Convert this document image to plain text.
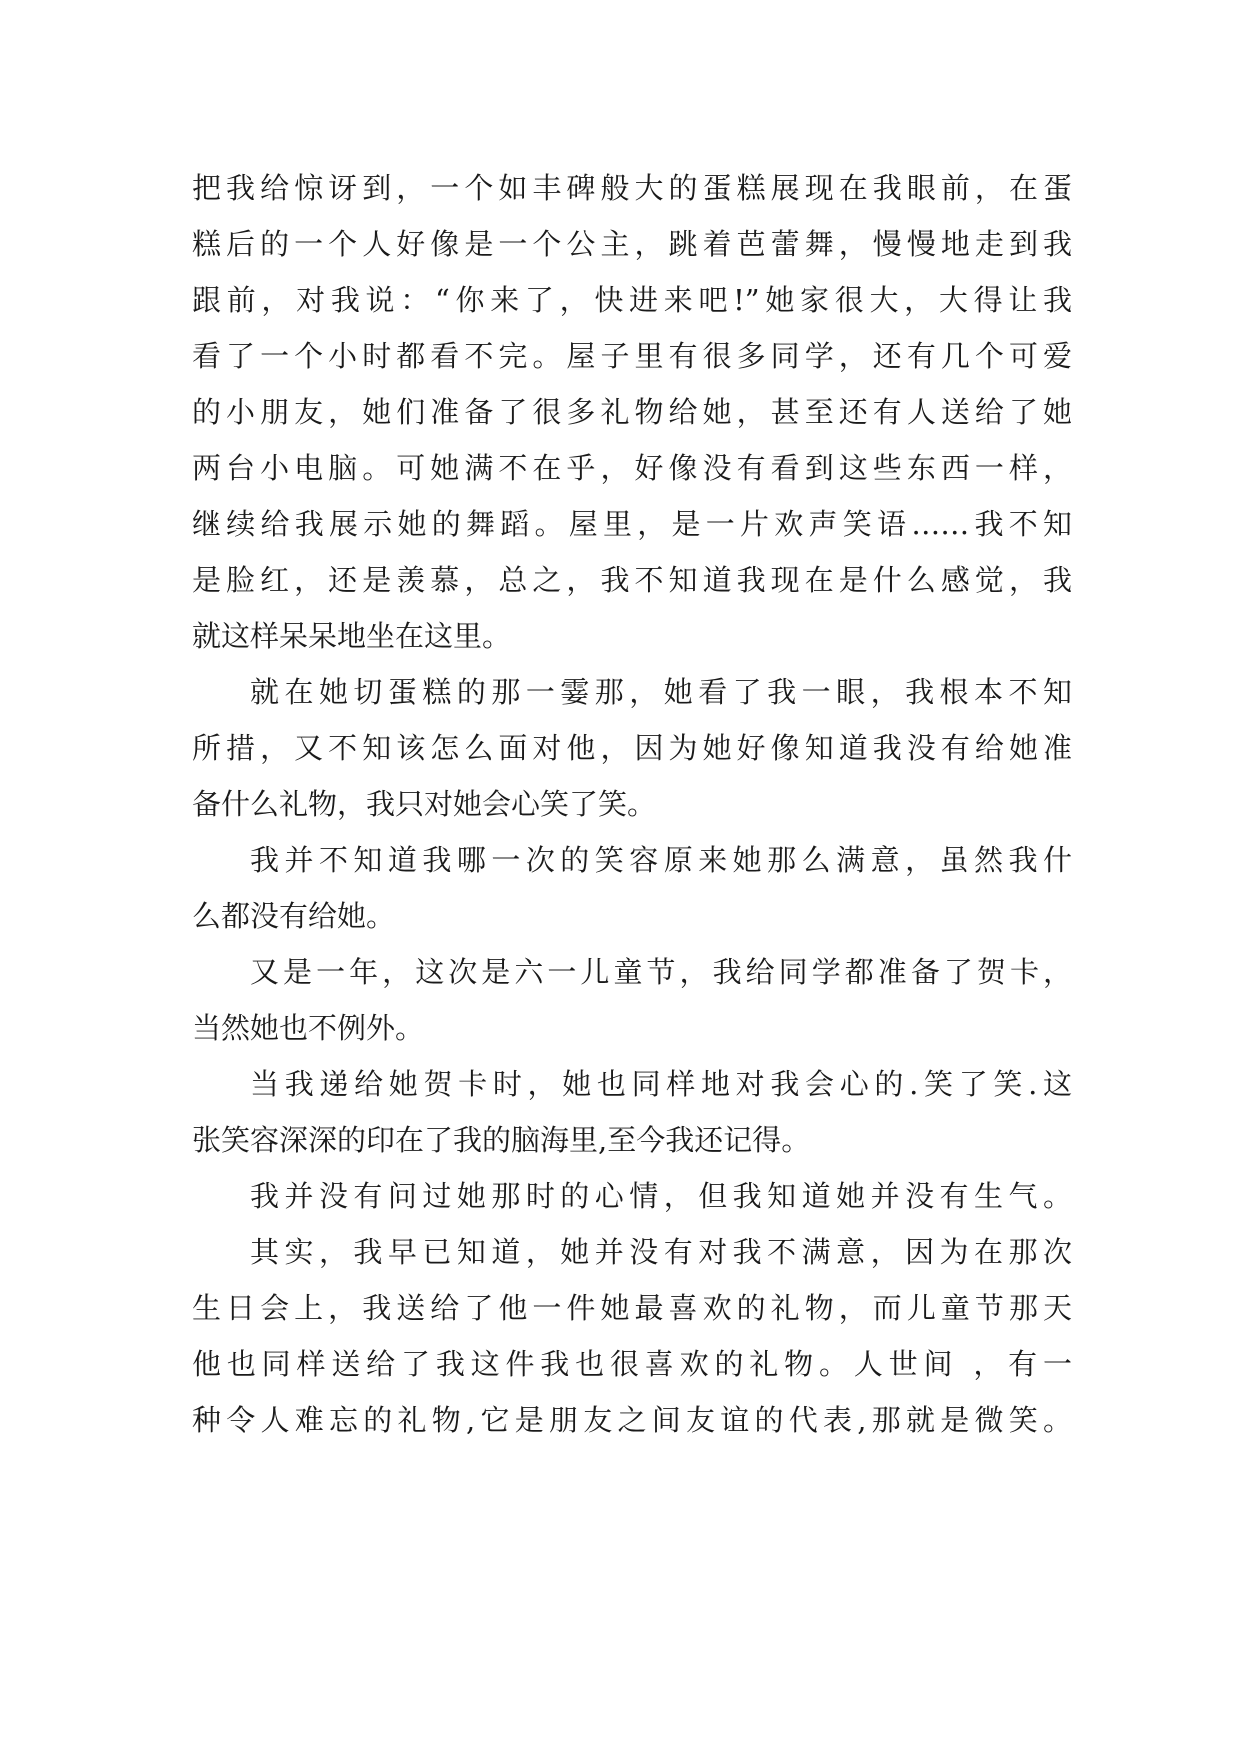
把我给惊讶到，一个如丰碑般大的蛋糕展现在我眼前，在蛋
糕后的一个人好像是一个公主，跳着芭蕾舞，慢慢地走到我
跟前，对我说：“你来了，快进来吧!”她家很大，大得让我
看了一个小时都看不完。屋子里有很多同学，还有几个可爱
的小朋友，她们准备了很多礼物给她，甚至还有人送给了她
两台小电脑。可她满不在乎，好像没有看到这些东西一样，
继续给我展示她的舞蹈。屋里，是一片欢声笑语……我不知
是脸红，还是羡慕，总之，我不知道我现在是什么感觉，我
就这样呆呆地坐在这里。
就在她切蛋糕的那一霎那，她看了我一眼，我根本不知
所措，又不知该怎么面对他，因为她好像知道我没有给她准
备什么礼物，我只对她会心笑了笑。
我并不知道我哪一次的笑容原来她那么满意，虽然我什
么都没有给她。
又是一年，这次是六一儿童节，我给同学都准备了贺卡，
当然她也不例外。
当我递给她贺卡时，她也同样地对我会心的.笑了笑.这
张笑容深深的印在了我的脑海里,至今我还记得。
我并没有问过她那时的心情，但我知道她并没有生气。
其实，我早已知道，她并没有对我不满意，因为在那次
生日会上，我送给了他一件她最喜欢的礼物，而儿童节那天
他也同样送给了我这件我也很喜欢的礼物。人世间 ，有一
种令人难忘的礼物,它是朋友之间友谊的代表,那就是微笑。
